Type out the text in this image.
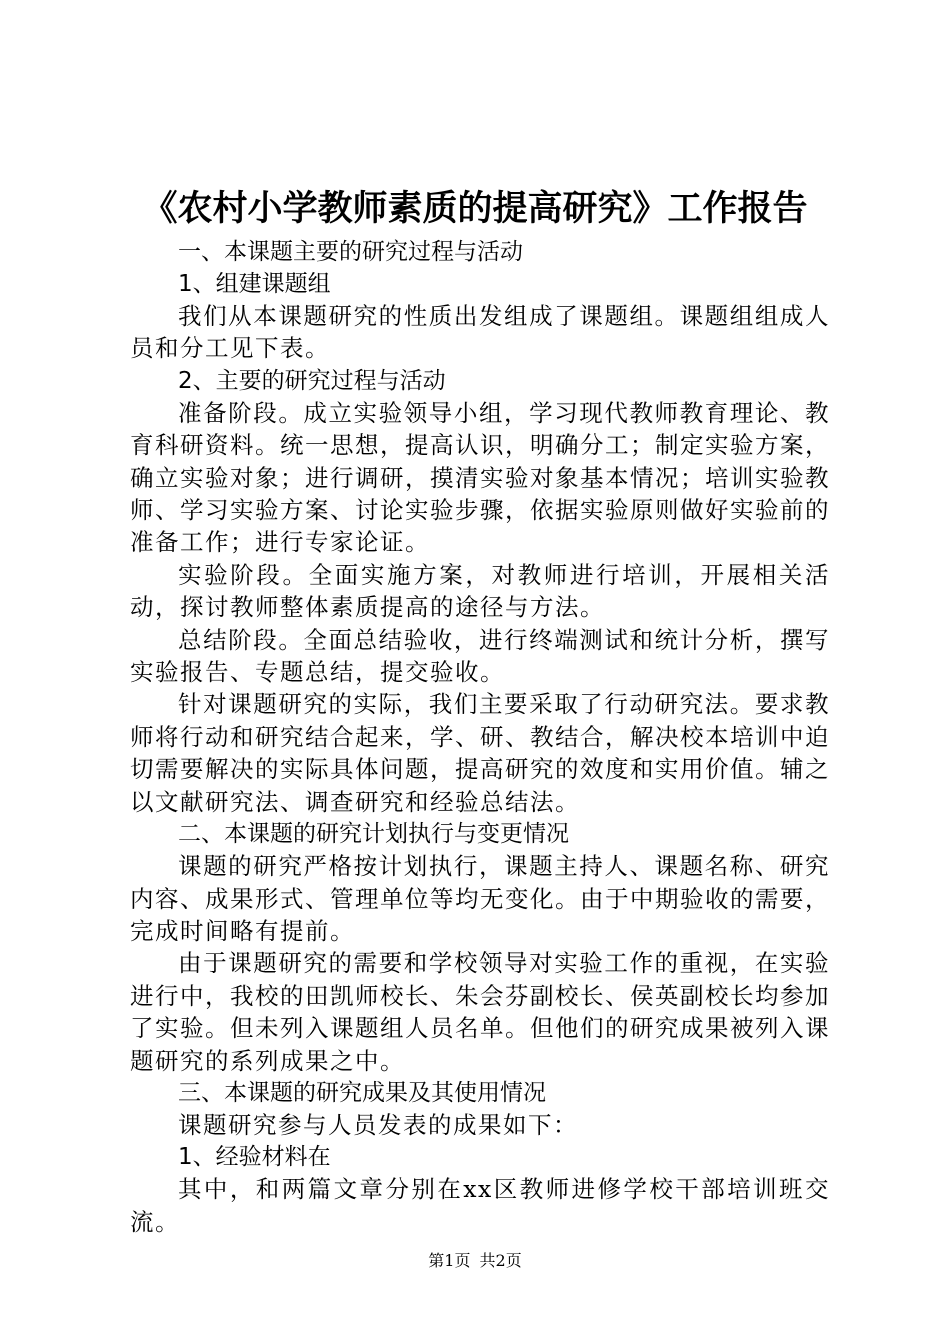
《农村小学教师素质的提高研究》工作报告

一、本课题主要的研究过程与活动

1、组建课题组

我们从本课题研究的性质出发组成了课题组。课题组组成人员和分工见下表。

2、主要的研究过程与活动

准备阶段。成立实验领导小组，学习现代教师教育理论、教育科研资料。统一思想，提高认识，明确分工；制定实验方案，确立实验对象；进行调研，摸清实验对象基本情况；培训实验教师、学习实验方案、讨论实验步骤，依据实验原则做好实验前的准备工作；进行专家论证。

实验阶段。全面实施方案，对教师进行培训，开展相关活动，探讨教师整体素质提高的途径与方法。

总结阶段。全面总结验收，进行终端测试和统计分析，撰写实验报告、专题总结，提交验收。

针对课题研究的实际，我们主要采取了行动研究法。要求教师将行动和研究结合起来，学、研、教结合，解决校本培训中迫切需要解决的实际具体问题，提高研究的效度和实用价值。辅之以文献研究法、调查研究和经验总结法。

二、本课题的研究计划执行与变更情况

课题的研究严格按计划执行，课题主持人、课题名称、研究内容、成果形式、管理单位等均无变化。由于中期验收的需要，完成时间略有提前。

由于课题研究的需要和学校领导对实验工作的重视，在实验进行中，我校的田凯师校长、朱会芬副校长、侯英副校长均参加了实验。但未列入课题组人员名单。但他们的研究成果被列入课题研究的系列成果之中。

三、本课题的研究成果及其使用情况

课题研究参与人员发表的成果如下：

1、经验材料在

其中，和两篇文章分别在xx区教师进修学校干部培训班交流。

第1页 共2页
